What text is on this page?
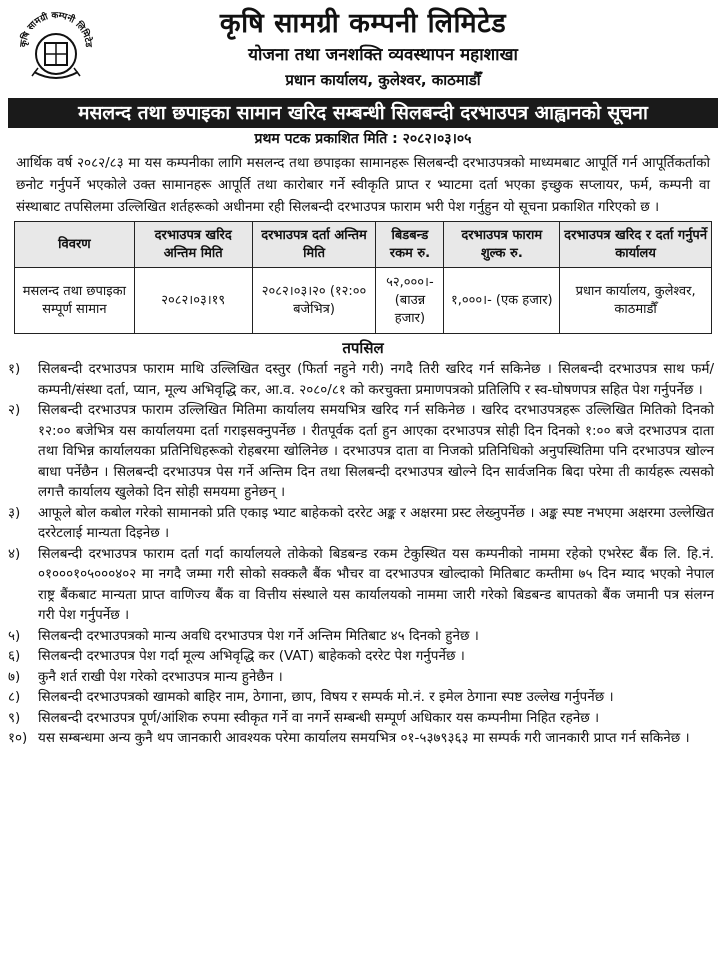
कृषि सामग्री कम्पनी लिमिटेड
कृषि सामग्री कम्पनी लिमिटेड
योजना तथा जनशक्ति व्यवस्थापन महाशाखा
प्रधान कार्यालय, कुलेश्वर, काठमाडौँ
मसलन्द तथा छपाइका सामान खरिद सम्बन्धी सिलबन्दी दरभाउपत्र आह्वानको सूचना
प्रथम पटक प्रकाशित मिति : २०८२।०३।०५

आर्थिक वर्ष २०८२/८३ मा यस कम्पनीका लागि मसलन्द तथा छपाइका सामानहरू सिलबन्दी दरभाउपत्रको माध्यमबाट आपूर्ति गर्न आपूर्तिकर्ताको छनोट गर्नुपर्ने भएकोले उक्त सामानहरू आपूर्ति तथा कारोबार गर्ने स्वीकृति प्राप्त र भ्याटमा दर्ता भएका इच्छुक सप्लायर, फर्म, कम्पनी वा संस्थाबाट तपसिलमा उल्लिखित शर्तहरूको अधीनमा रही सिलबन्दी दरभाउपत्र फाराम भरी पेश गर्नुहुन यो सूचना प्रकाशित गरिएको छ ।

विवरण	दरभाउपत्र खरिद अन्तिम मिति	दरभाउपत्र दर्ता अन्तिम मिति	बिडबन्ड रकम रु.	दरभाउपत्र फाराम शुल्क रु.	दरभाउपत्र खरिद र दर्ता गर्नुपर्ने कार्यालय
मसलन्द तथा छपाइका सम्पूर्ण सामान	२०८२।०३।१९	२०८२।०३।२० (१२:०० बजेभित्र)	५२,०००।- (बाउन्न हजार)	१,०००।- (एक हजार)	प्रधान कार्यालय, कुलेश्वर, काठमाडौँ
तपसिल
१)	सिलबन्दी दरभाउपत्र फाराम माथि उल्लिखित दस्तुर (फिर्ता नहुने गरी) नगदै तिरी खरिद गर्न सकिनेछ । सिलबन्दी दरभाउपत्र साथ फर्म/कम्पनी/संस्था दर्ता, प्यान, मूल्य अभिवृद्धि कर, आ.व. २०८०/८१ को करचुक्ता प्रमाणपत्रको प्रतिलिपि र स्व-घोषणपत्र सहित पेश गर्नुपर्नेछ ।
२)	सिलबन्दी दरभाउपत्र फाराम उल्लिखित मितिमा कार्यालय समयभित्र खरिद गर्न सकिनेछ । खरिद दरभाउपत्रहरू उल्लिखित मितिको दिनको १२:०० बजेभित्र यस कार्यालयमा दर्ता गराइसक्नुपर्नेछ । रीतपूर्वक दर्ता हुन आएका दरभाउपत्र सोही दिन दिनको १:०० बजे दरभाउपत्र दाता तथा विभिन्न कार्यालयका प्रतिनिधिहरूको रोहबरमा खोलिनेछ । दरभाउपत्र दाता वा निजको प्रतिनिधिको अनुपस्थितिमा पनि दरभाउपत्र खोल्न बाधा पर्नेछैन । सिलबन्दी दरभाउपत्र पेस गर्ने अन्तिम दिन तथा सिलबन्दी दरभाउपत्र खोल्ने दिन सार्वजनिक बिदा परेमा ती कार्यहरू त्यसको लगत्तै कार्यालय खुलेको दिन सोही समयमा हुनेछन् ।
३)	आफूले बोल कबोल गरेको सामानको प्रति एकाइ भ्याट बाहेकको दररेट अङ्क र अक्षरमा प्रस्ट लेख्नुपर्नेछ । अङ्क स्पष्ट नभएमा अक्षरमा उल्लेखित दररेटलाई मान्यता दिइनेछ ।
४)	सिलबन्दी दरभाउपत्र फाराम दर्ता गर्दा कार्यालयले तोकेको बिडबन्ड रकम टेकुस्थित यस कम्पनीको नाममा रहेको एभरेस्ट बैंक लि. हि.नं. ०१०००१०५०००४०२ मा नगदै जम्मा गरी सोको सक्कलै बैंक भौचर वा दरभाउपत्र खोल्दाको मितिबाट कम्तीमा ७५ दिन म्याद भएको नेपाल राष्ट्र बैंकबाट मान्यता प्राप्त वाणिज्य बैंक वा वित्तीय संस्थाले यस कार्यालयको नाममा जारी गरेको बिडबन्ड बापतको बैंक जमानी पत्र संलग्न गरी पेश गर्नुपर्नेछ ।
५)	सिलबन्दी दरभाउपत्रको मान्य अवधि दरभाउपत्र पेश गर्ने अन्तिम मितिबाट ४५ दिनको हुनेछ ।
६)	सिलबन्दी दरभाउपत्र पेश गर्दा मूल्य अभिवृद्धि कर (VAT) बाहेकको दररेट पेश गर्नुपर्नेछ ।
७)	कुनै शर्त राखी पेश गरेको दरभाउपत्र मान्य हुनेछैन ।
८)	सिलबन्दी दरभाउपत्रको खामको बाहिर नाम, ठेगाना, छाप, विषय र सम्पर्क मो.नं. र इमेल ठेगाना स्पष्ट उल्लेख गर्नुपर्नेछ ।
९)	सिलबन्दी दरभाउपत्र पूर्ण/आंशिक रुपमा स्वीकृत गर्ने वा नगर्ने सम्बन्धी सम्पूर्ण अधिकार यस कम्पनीमा निहित रहनेछ ।
१०) यस सम्बन्धमा अन्य कुनै थप जानकारी आवश्यक परेमा कार्यालय समयभित्र ०१-५३७९३६३ मा सम्पर्क गरी जानकारी प्राप्त गर्न सकिनेछ ।
